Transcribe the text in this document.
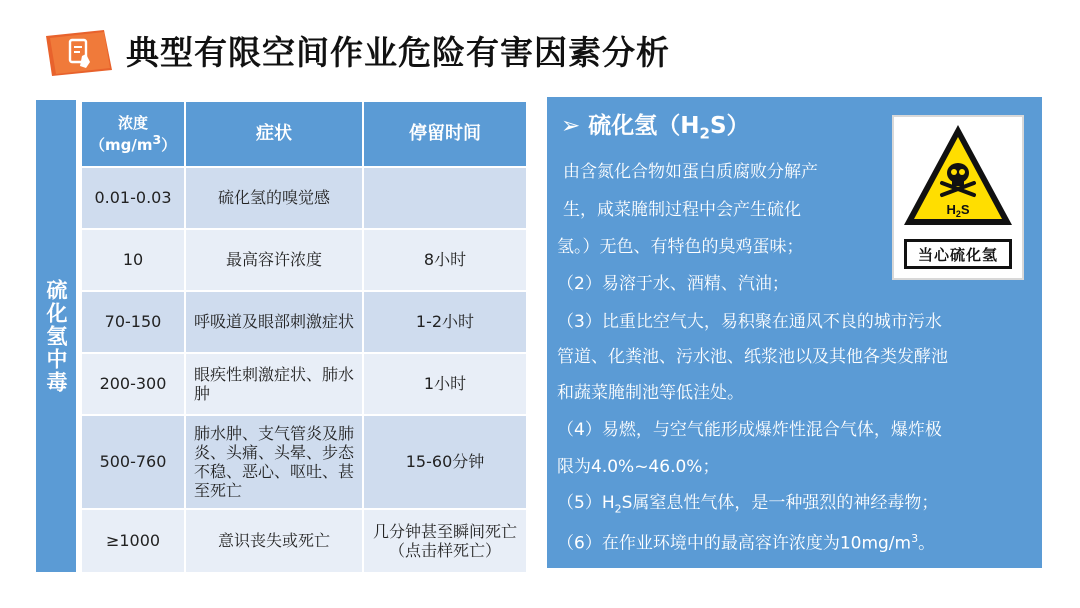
典型有限空间作业危险有害因素分析
硫化氢中毒
浓度
$(mg/m^3)$	症状	停留时间
0.01-0.03	硫化氢的嗅觉感	
10	最高容许浓度	8小时
70-150	呼吸道及眼部刺激症状	1-2小时
200-300	眼疾性刺激症状、肺水肿	1小时
500-760	肺水肿、支气管炎及肺炎、头痛、头晕、步态不稳、恶心、呕吐、甚至死亡	15-60分钟
≥1000	意识丧失或死亡	几分钟甚至瞬间死亡（点击样死亡）
➢ 硫化氢$(H_2S)$
由含氮化合物如蛋白质腐败分解产
生，咸菜腌制过程中会产生硫化
氢。）无色、有特色的臭鸡蛋味；
（2）易溶于水、酒精、汽油；
（3）比重比空气大，易积聚在通风不良的城市污水
管道、化粪池、污水池、纸浆池以及其他各类发酵池
和蔬菜腌制池等低洼处。
（4）易燃，与空气能形成爆炸性混合气体，爆炸极
限为4.0%~46.0%；
$(5)H_2S$属窒息性气体，是一种强烈的神经毒物；
（6）在作业环境中的最高容许浓度为$10mg/m^3$。
$H_2S$
当心硫化氢
